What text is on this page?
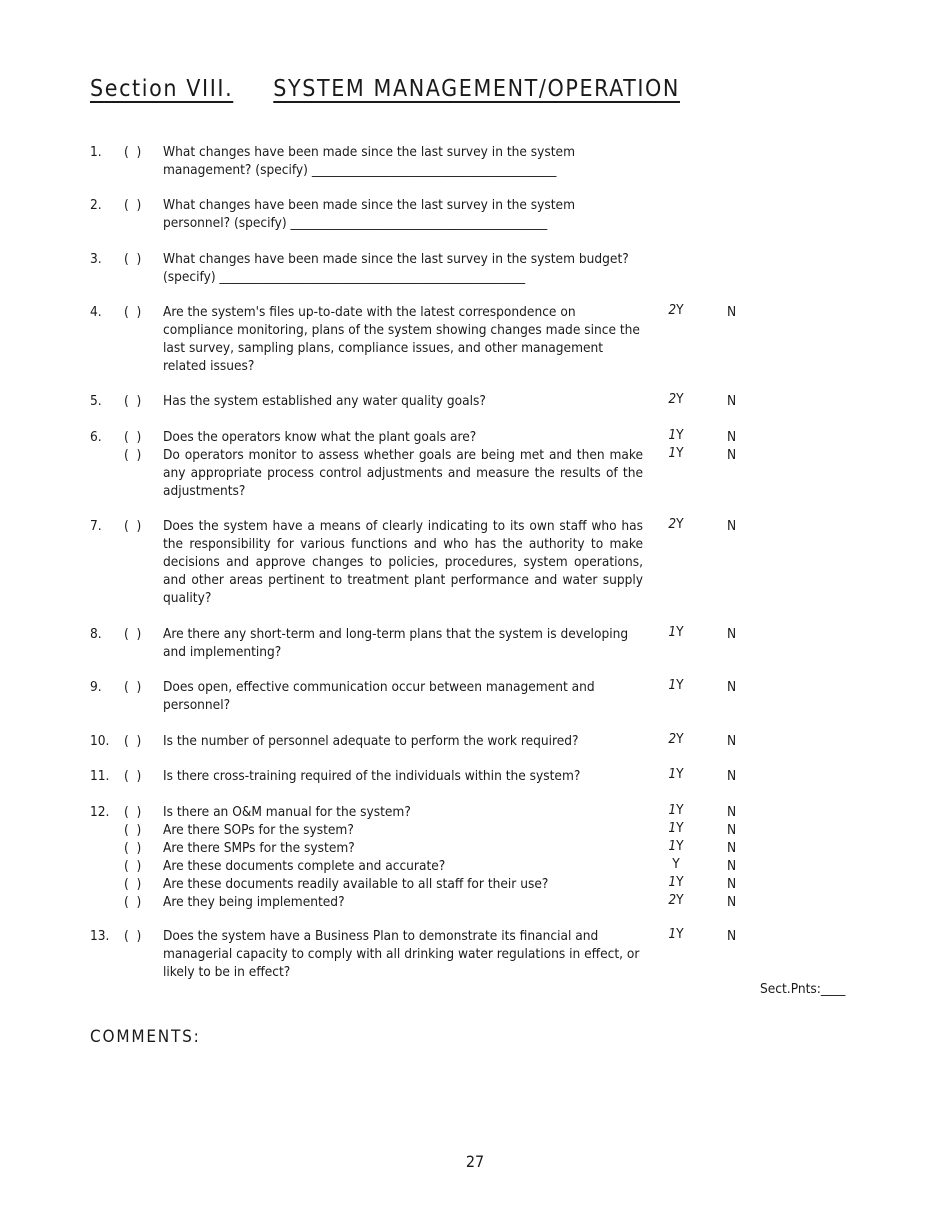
Section VIII. SYSTEM MANAGEMENT/OPERATION
1. (  ) What changes have been made since the last survey in the system management? (specify) ________________________________________
2. (  ) What changes have been made since the last survey in the system personnel? (specify) __________________________________________
3. (  ) What changes have been made since the last survey in the system budget? (specify) __________________________________________________
4. (  ) Are the system's files up-to-date with the latest correspondence on compliance monitoring, plans of the system showing changes made since the last survey, sampling plans, compliance issues, and other management related issues?
2Y	N
5. (  ) Has the system established any water quality goals?	2Y	N
6. (  ) Does the operators know what the plant goals are?	1Y	N
(  ) Do operators monitor to assess whether goals are being met and then make any appropriate process control adjustments and measure the results of the adjustments?
1Y	N
7. (  ) Does the system have a means of clearly indicating to its own staff who has the responsibility for various functions and who has the authority to make decisions and approve changes to policies, procedures, system operations, and other areas pertinent to treatment plant performance and water supply quality?
2Y	N
8. (  ) Are there any short-term and long-term plans that the system is developing and implementing?
1Y	N
9. (  ) Does open, effective communication occur between management and personnel?
1Y	N
10. (  ) Is the number of personnel adequate to perform the work required?	2Y	N
11. (  ) Is there cross-training required of the individuals within the system?	1Y	N
12. (  ) Is there an O&M manual for the system?	1Y	N
(  ) Are there SOPs for the system?	1Y	N
(  ) Are there SMPs for the system?	1Y	N
(  ) Are these documents complete and accurate?	Y	N
(  ) Are these documents readily available to all staff for their use?	1Y	N
(  ) Are they being implemented?	2Y	N
13. (  ) Does the system have a Business Plan to demonstrate its financial and managerial capacity to comply with all drinking water regulations in effect, or likely to be in effect?
1Y	N
Sect.Pnts:____
COMMENTS:
27
